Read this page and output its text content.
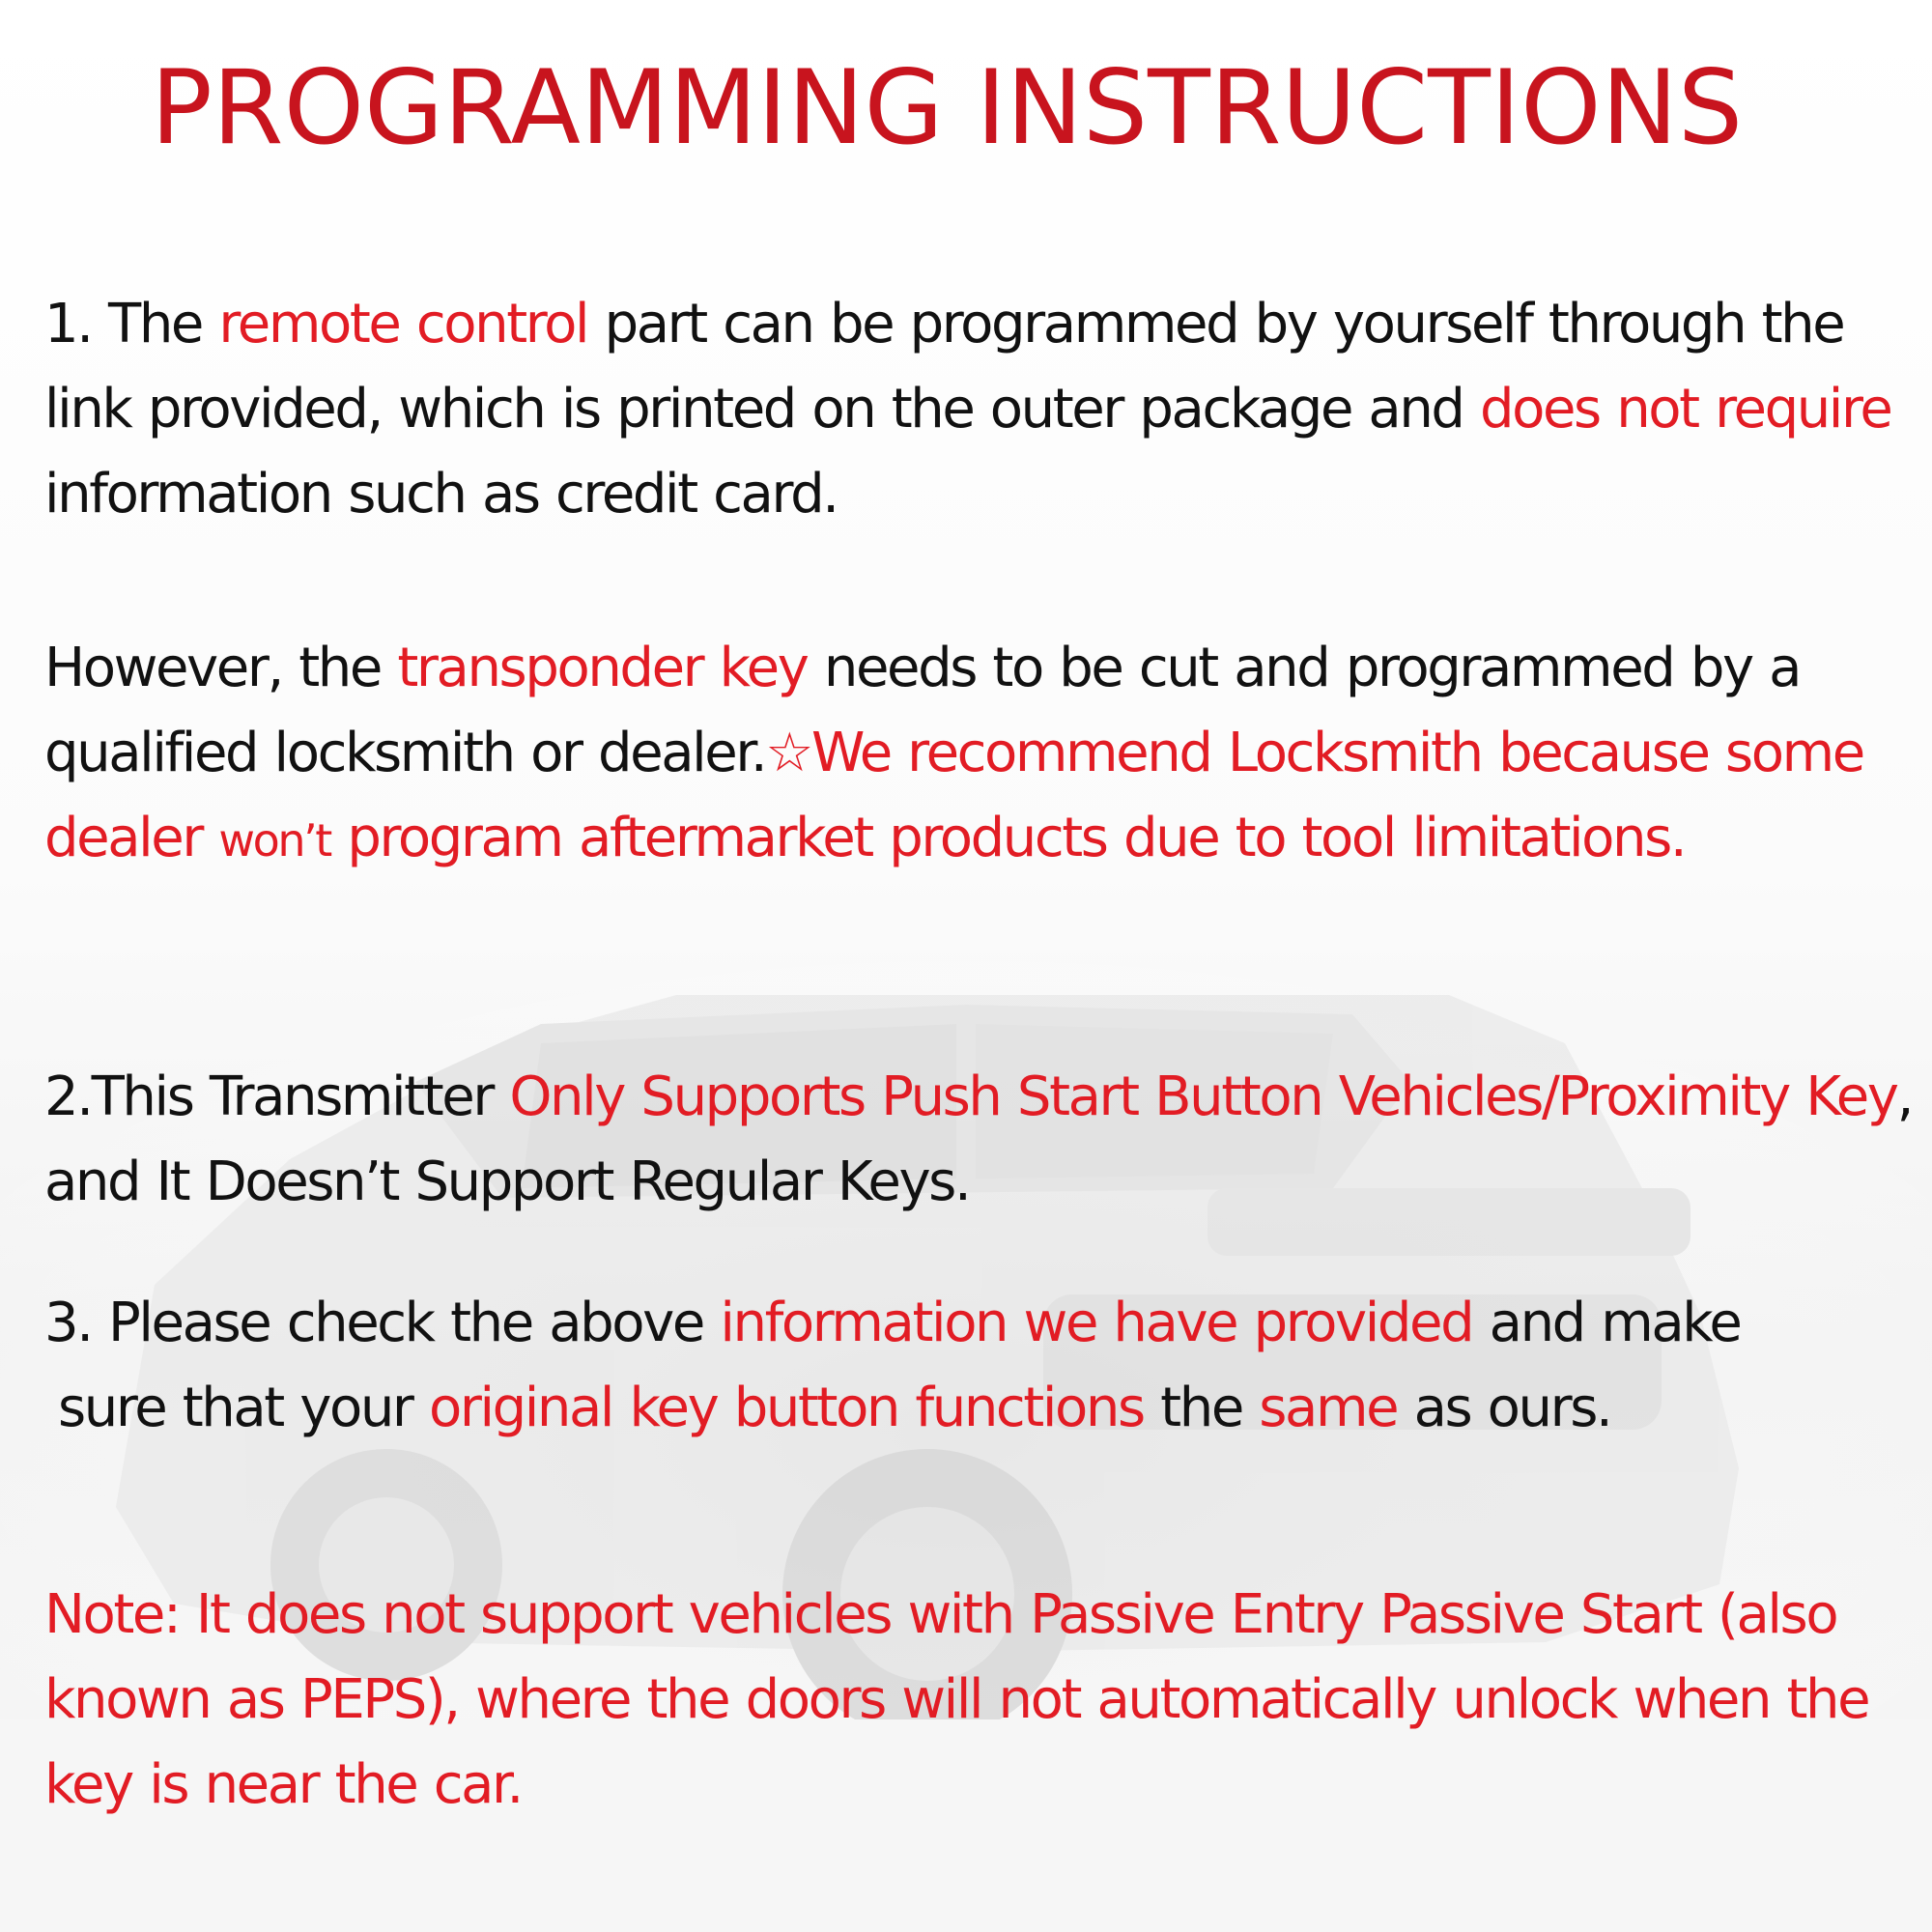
PROGRAMMING INSTRUCTIONS
1. The remote control part can be programmed by yourself through the link provided, which is printed on the outer package and does not require information such as credit card.
However, the transponder key needs to be cut and programmed by a qualified locksmith or dealer.☆We recommend Locksmith because some dealer won’t program aftermarket products due to tool limitations.
2.This Transmitter Only Supports Push Start Button Vehicles/Proximity Key, and It Doesn’t Support Regular Keys.
3. Please check the above information we have provided and make
sure that your original key button functions the same as ours.
Note: It does not support vehicles with Passive Entry Passive Start (also known as PEPS), where the doors will not automatically unlock when the key is near the car.
